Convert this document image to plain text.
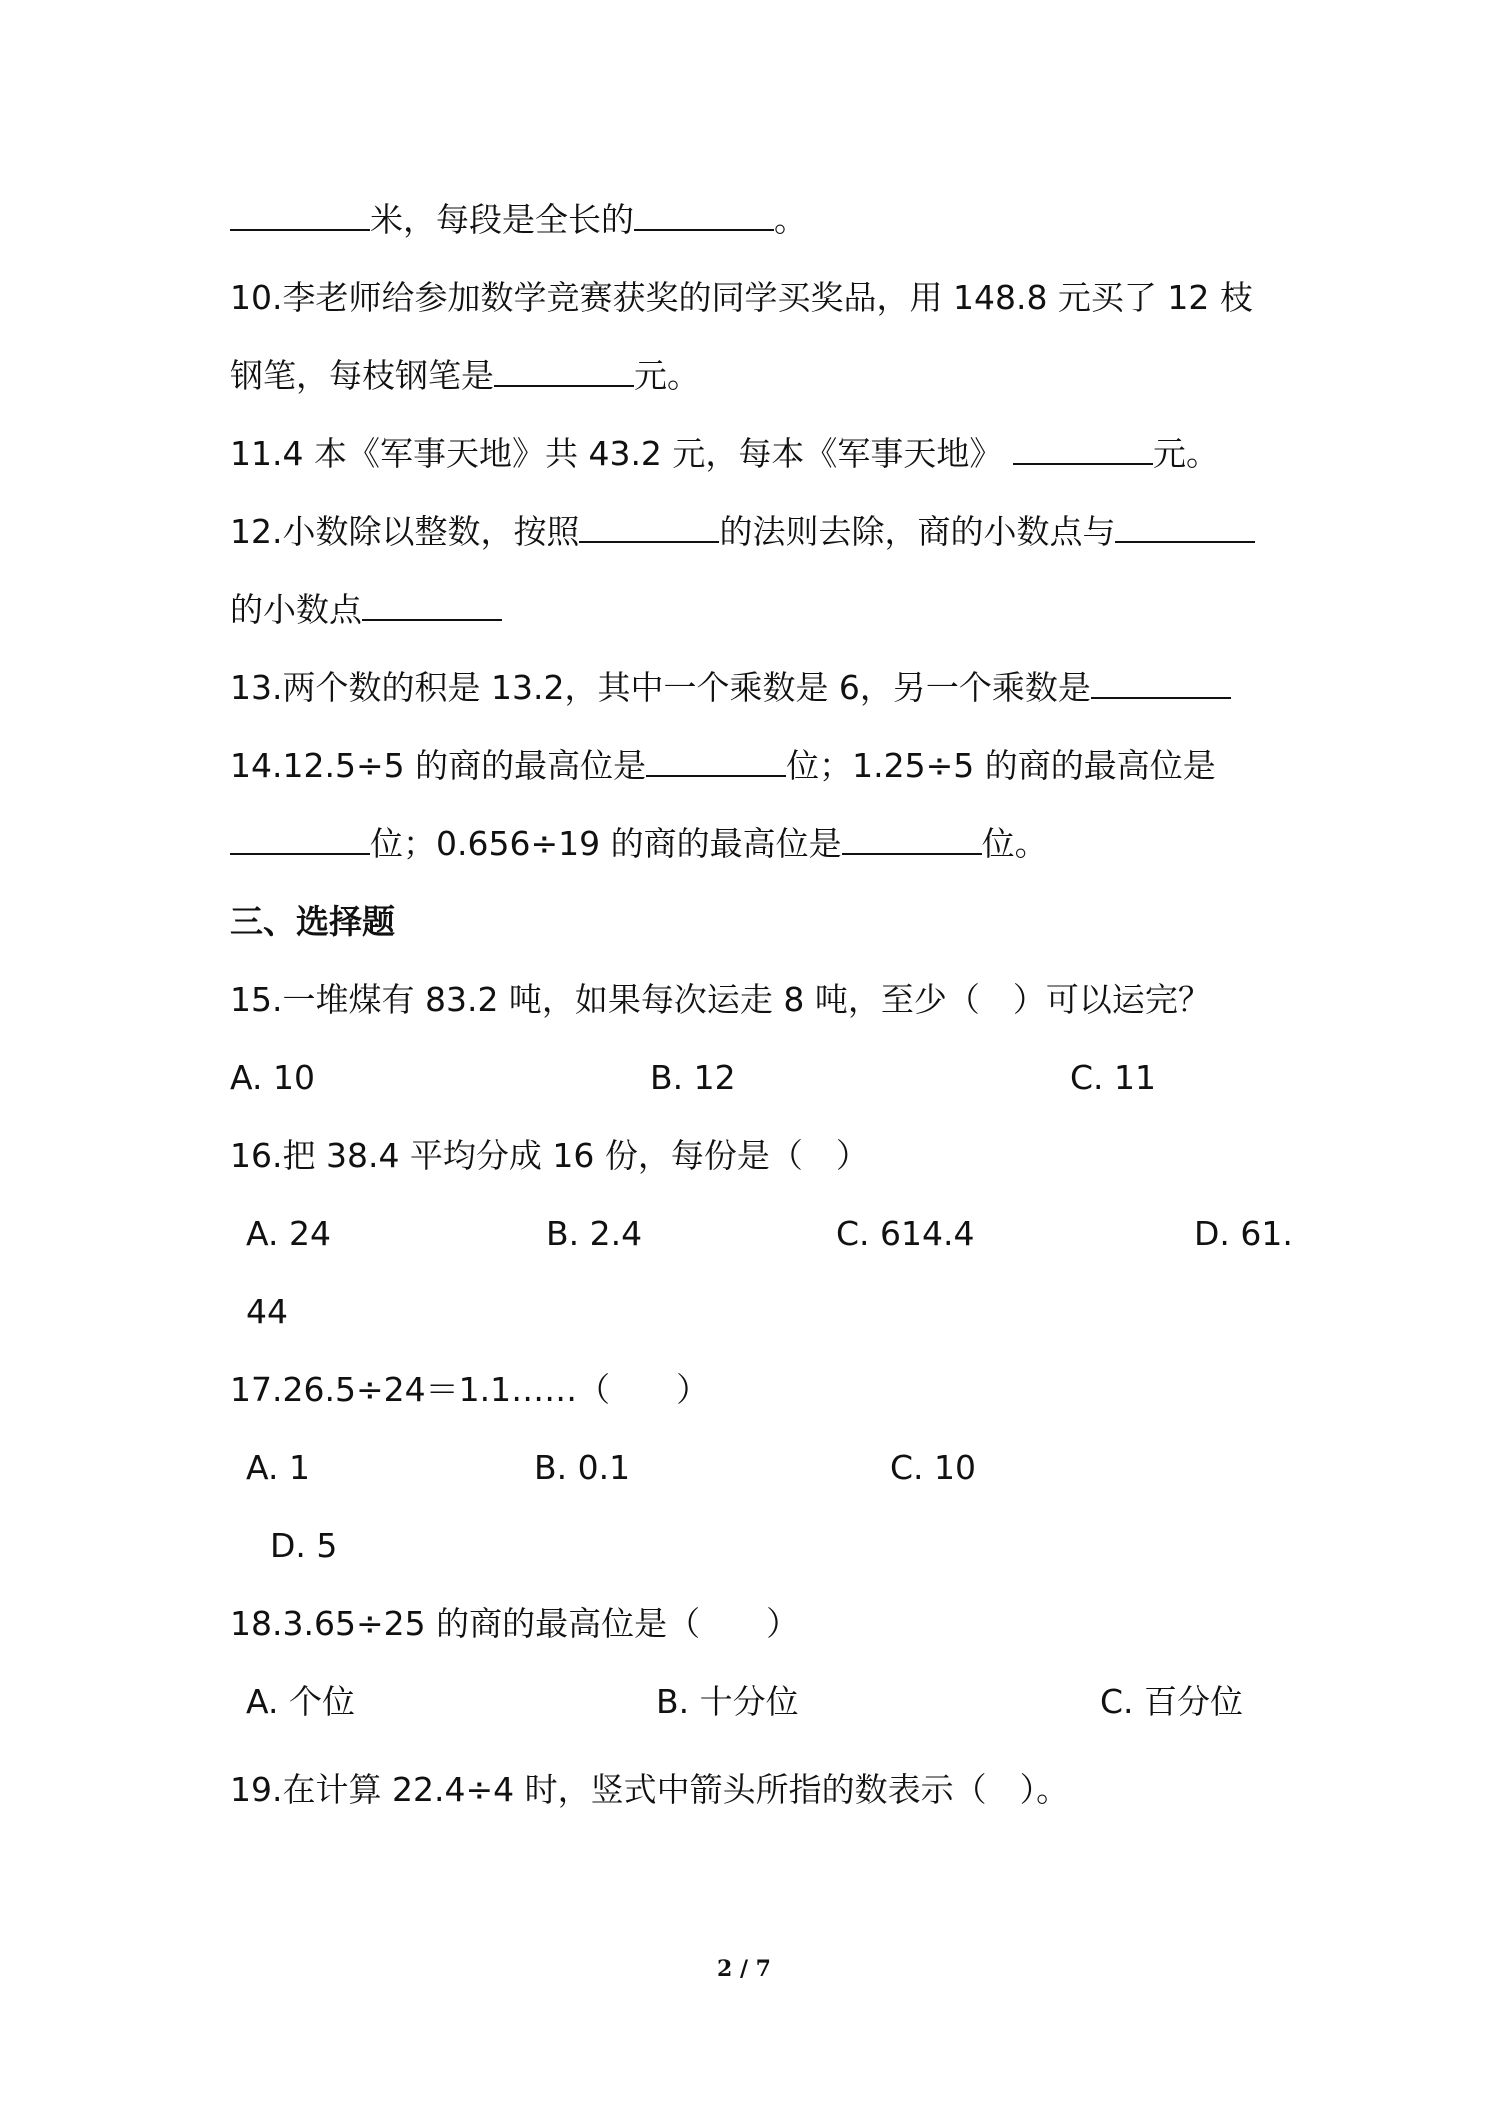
米，每段是全长的	。
10.李老师给参加数学竞赛获奖的同学买奖品，用 148.8 元买了 12 枝
钢笔，每枝钢笔是	元。
11.4 本《军事天地》共 43.2 元，每本《军事天地》	元。
12.小数除以整数，按照	的法则去除，商的小数点与
的小数点
13.两个数的积是 13.2，其中一个乘数是 6，另一个乘数是
14.12.5÷5 的商的最高位是	位；1.25÷5 的商的最高位是
位；0.656÷19 的商的最高位是	位。
三、选择题
15.一堆煤有 83.2 吨，如果每次运走 8 吨，至少（　）可以运完？
A. 10	B. 12	C. 11
16.把 38.4 平均分成 16 份，每份是（　）
A. 24	B. 2.4	C. 614.4	D. 61.
44
17.26.5÷24＝1.1……（　　）
A. 1	B. 0.1	C. 10
D. 5
18.3.65÷25 的商的最高位是（　　）
A. 个位	B. 十分位	C. 百分位
19.在计算 22.4÷4 时，竖式中箭头所指的数表示（　）。
2 / 7
